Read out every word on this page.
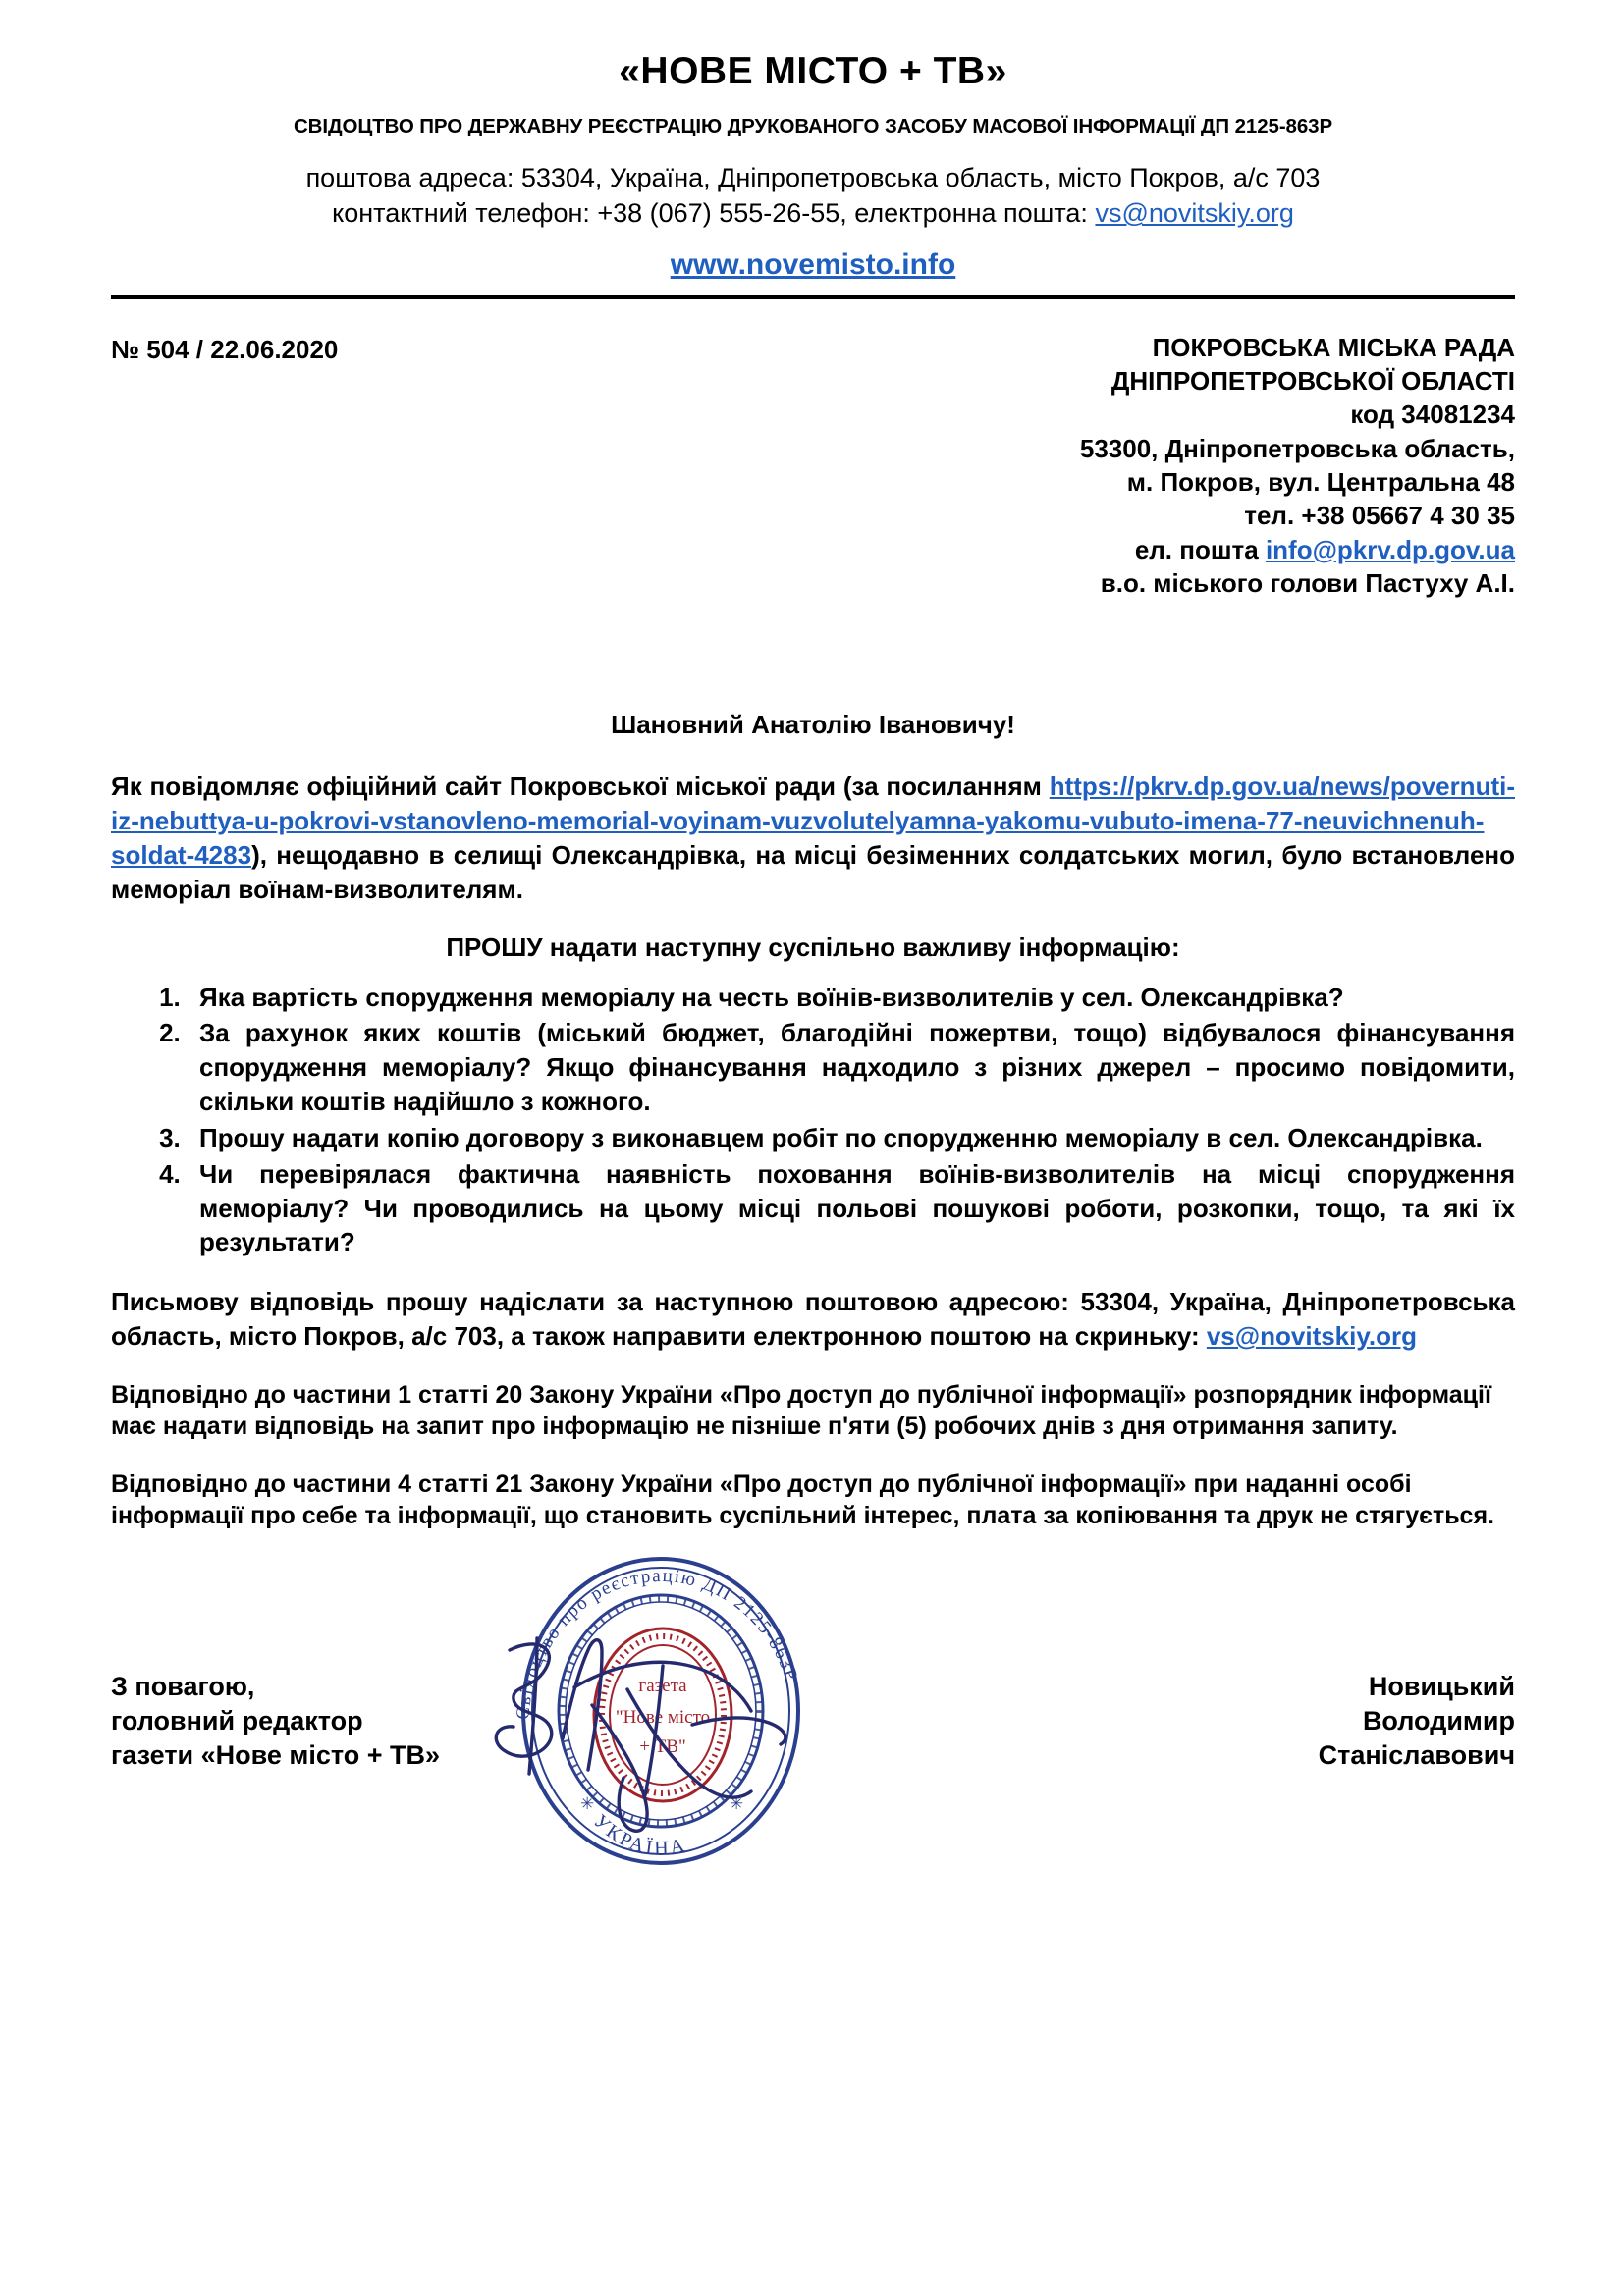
«НОВЕ МІСТО + ТВ»
СВІДОЦТВО ПРО ДЕРЖАВНУ РЕЄСТРАЦІЮ ДРУКОВАНОГО ЗАСОБУ МАСОВОЇ ІНФОРМАЦІЇ ДП 2125-863Р
поштова адреса: 53304, Україна, Дніпропетровська область, місто Покров, а/с 703
контактний телефон: +38 (067) 555-26-55, електронна пошта: vs@novitskiy.org
www.novemisto.info
№ 504 / 22.06.2020	ПОКРОВСЬКА МІСЬКА РАДА
ДНІПРОПЕТРОВСЬКОЇ ОБЛАСТІ
код 34081234
53300, Дніпропетровська область,
м. Покров, вул. Центральна 48
тел. +38 05667 4 30 35
ел. пошта info@pkrv.dp.gov.ua
в.о. міського голови Пастуху А.І.
Шановний Анатолію Івановичу!

Як повідомляє офіційний сайт Покровської міської ради (за посиланням https://pkrv.dp.gov.ua/news/povernuti-iz-nebuttya-u-pokrovi-vstanovleno-memorial-voyinam-vuzvolutelyamna-yakomu-vubuto-imena-77-neuvichnenuh-soldat-4283), нещодавно в селищі Олександрівка, на місці безіменних солдатських могил, було встановлено меморіал воїнам-визволителям.

ПРОШУ надати наступну суспільно важливу інформацію:
1. Яка вартість спорудження меморіалу на честь воїнів-визволителів у сел. Олександрівка?
2. За рахунок яких коштів (міський бюджет, благодійні пожертви, тощо) відбувалося фінансування спорудження меморіалу? Якщо фінансування надходило з різних джерел – просимо повідомити, скільки коштів надійшло з кожного.
3. Прошу надати копію договору з виконавцем робіт по спорудженню меморіалу в сел. Олександрівка.
4. Чи перевірялася фактична наявність поховання воїнів-визволителів на місці спорудження меморіалу? Чи проводились на цьому місці польові пошукові роботи, розкопки, тощо, та які їх результати?

Письмову відповідь прошу надіслати за наступною поштовою адресою: 53304, Україна, Дніпропетровська область, місто Покров, а/с 703, а також направити електронною поштою на скриньку: vs@novitskiy.org

Відповідно до частини 1 статті 20 Закону України «Про доступ до публічної інформації» розпорядник інформації має надати відповідь на запит про інформацію не пізніше п'яти (5) робочих днів з дня отримання запиту.

Відповідно до частини 4 статті 21 Закону України «Про доступ до публічної інформації» при наданні особі інформації про себе та інформації, що становить суспільний інтерес, плата за копіювання та друк не стягується.

З повагою,
головний редактор
газети «Нове місто + ТВ»
Свідоцтво про реєстрацію ДП 2125-863Р
УКРАЇНА
✳	✳
газета
"Нове місто
+ ТВ"
Новицький
Володимир
Станіславович
